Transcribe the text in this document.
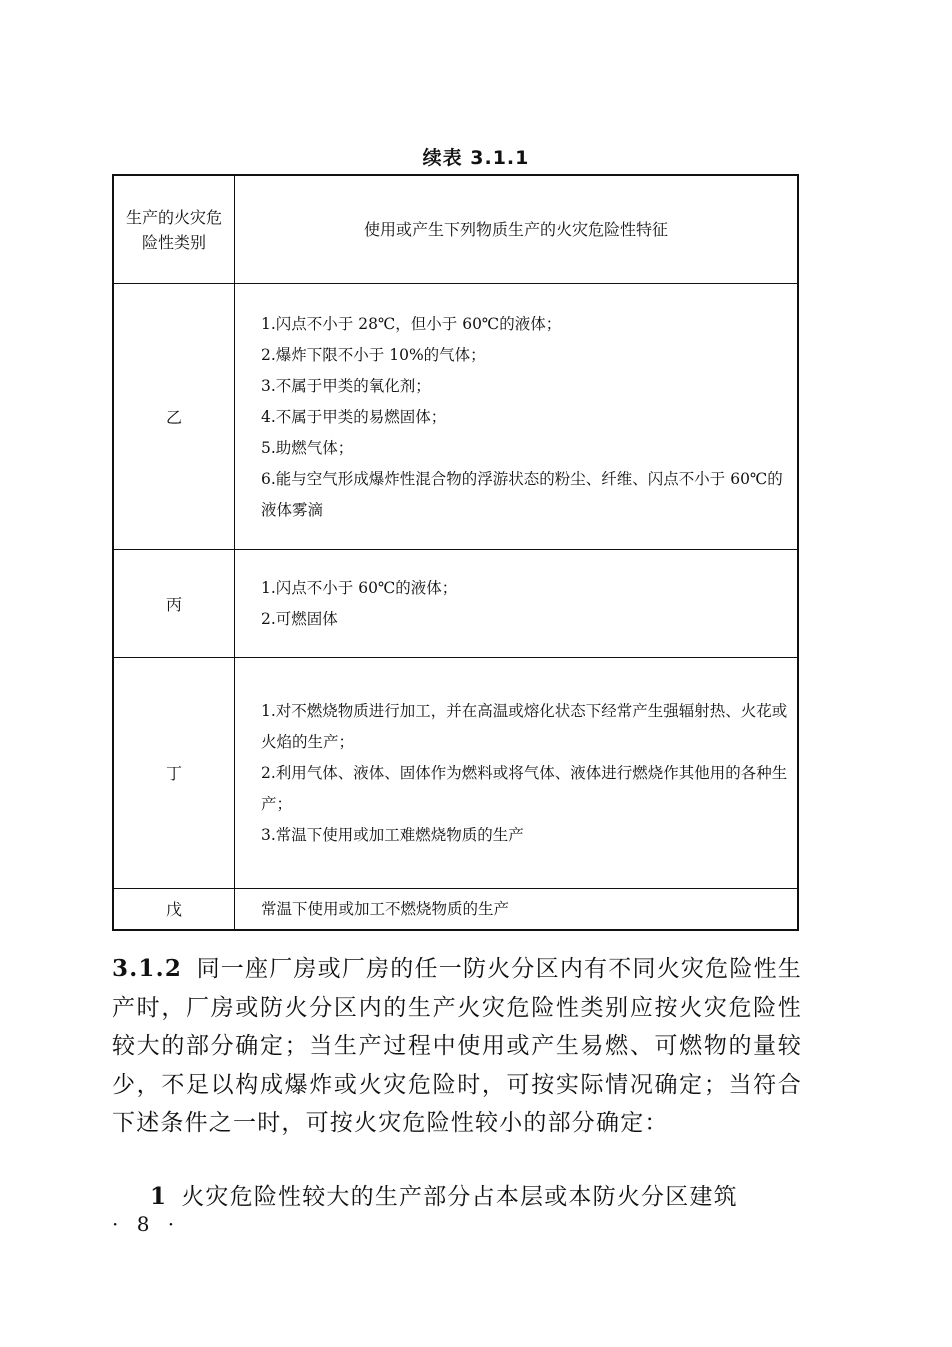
续表 3.1.1
生产的火灾危险性类别
使用或产生下列物质生产的火灾危险性特征
乙
1.闪点不小于 28℃，但小于 60℃的液体；
2.爆炸下限不小于 10%的气体；
3.不属于甲类的氧化剂；
4.不属于甲类的易燃固体；
5.助燃气体；
6.能与空气形成爆炸性混合物的浮游状态的粉尘、纤维、闪点不小于 60℃的液体雾滴
丙
1.闪点不小于 60℃的液体；
2.可燃固体
丁
1.对不燃烧物质进行加工，并在高温或熔化状态下经常产生强辐射热、火花或火焰的生产；
2.利用气体、液体、固体作为燃料或将气体、液体进行燃烧作其他用的各种生产；
3.常温下使用或加工难燃烧物质的生产
戊	常温下使用或加工不燃烧物质的生产
3.1.2 同一座厂房或厂房的任一防火分区内有不同火灾危险性生产时，厂房或防火分区内的生产火灾危险性类别应按火灾危险性较大的部分确定；当生产过程中使用或产生易燃、可燃物的量较少，不足以构成爆炸或火灾危险时，可按实际情况确定；当符合下述条件之一时，可按火灾危险性较小的部分确定：
1 火灾危险性较大的生产部分占本层或本防火分区建筑
· 8 ·
